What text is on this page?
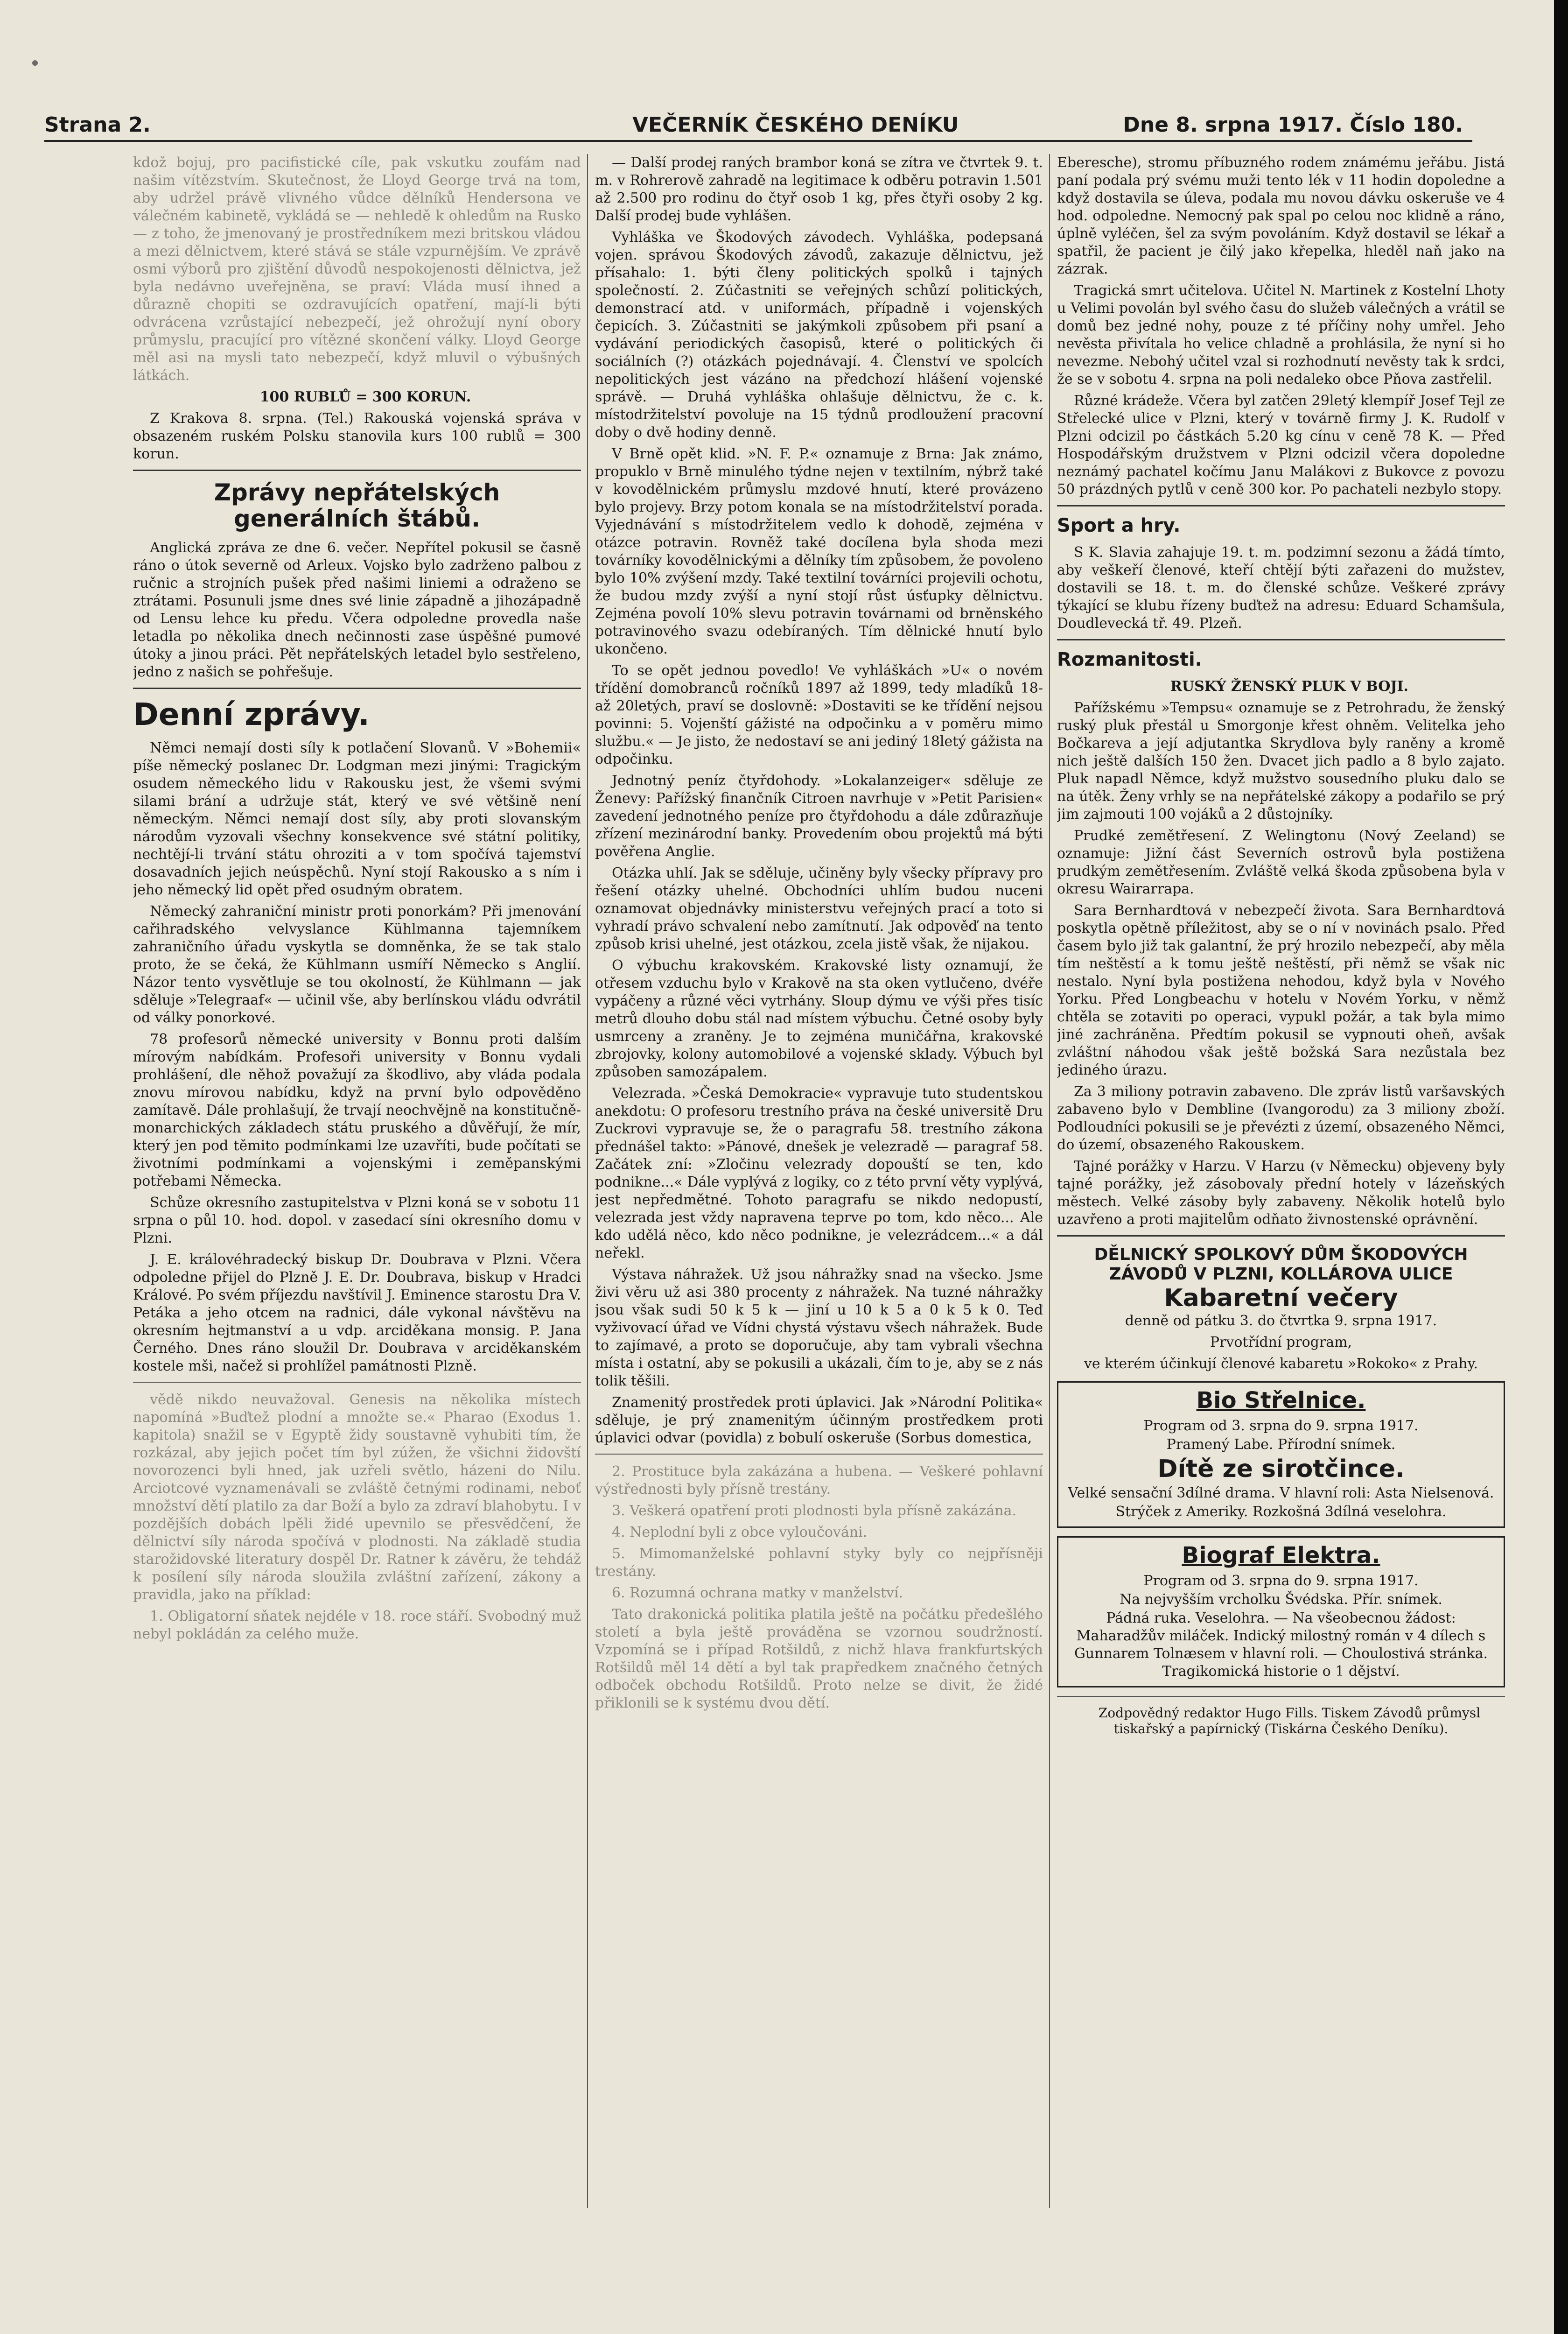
Strana 2.	VEČERNÍK ČESKÉHO DENÍKU	Dne 8. srpna 1917. Číslo 180.

kdož bojuj, pro pacifistické cíle, pak vskutku zoufám nad našim vítězstvím. Skutečnost, že Lloyd George trvá na tom, aby udržel právě vlivného vůdce dělníků Hendersona ve válečném kabinetě, vykládá se — nehledě k ohledům na Rusko — z toho, že jmenovaný je prostředníkem mezi britskou vládou a mezi dělnictvem, které stává se stále vzpurnějším. Ve zprávě osmi výborů pro zjištění důvodů nespokojenosti dělnictva, jež byla nedávno uveřejněna, se praví: Vláda musí ihned a důrazně chopiti se ozdravujících opatření, mají-li býti odvrácena vzrůstající nebezpečí, jež ohrožují nyní obory průmyslu, pracující pro vítězné skončení války. Lloyd George měl asi na mysli tato nebezpečí, když mluvil o výbušných látkách.

100 RUBLŮ = 300 KORUN.

Z Krakova 8. srpna. (Tel.) Rakouská vojenská správa v obsazeném ruském Polsku stanovila kurs 100 rublů = 300 korun.

Zprávy nepřátelských generálních štábů.

Anglická zpráva ze dne 6. večer. Nepřítel pokusil se časně ráno o útok severně od Arleux. Vojsko bylo zadrženo palbou z ručnic a strojních pušek před našimi liniemi a odraženo se ztrátami. Posunuli jsme dnes své linie západně a jihozápadně od Lensu lehce ku předu. Včera odpoledne provedla naše letadla po několika dnech nečinnosti zase úspěšné pumové útoky a jinou práci. Pět nepřátelských letadel bylo sestřeleno, jedno z našich se pohřešuje.

Denní zprávy.

Němci nemají dosti síly k potlačení Slovanů. V »Bohemii« píše německý poslanec Dr. Lodgman mezi jinými: Tragickým osudem německého lidu v Rakousku jest, že všemi svými silami brání a udržuje stát, který ve své většině není německým. Němci nemají dost síly, aby proti slovanským národům vyzovali všechny konsekvence své státní politiky, nechtějí-li trvání státu ohroziti a v tom spočívá tajemství dosavadních jejich neúspěchů. Nyní stojí Rakousko a s ním i jeho německý lid opět před osudným obratem.

Německý zahraniční ministr proti ponorkám? Při jmenování cařihradského velvyslance Kühlmanna tajemníkem zahraničního úřadu vyskytla se domněnka, že se tak stalo proto, že se čeká, že Kühlmann usmíří Německo s Anglií. Názor tento vysvětluje se tou okolností, že Kühlmann — jak sděluje »Telegraaf« — učinil vše, aby berlínskou vládu odvrátil od války ponorkové.

78 profesorů německé university v Bonnu proti dalším mírovým nabídkám. Profesoři university v Bonnu vydali prohlášení, dle něhož považují za škodlivo, aby vláda podala znovu mírovou nabídku, když na první bylo odpověděno zamítavě. Dále prohlašují, že trvají neochvějně na konstitučně-monarchických základech státu pruského a důvěřují, že mír, který jen pod těmito podmínkami lze uzavříti, bude počítati se životními podmínkami a vojenskými i zeměpanskými potřebami Německa.

Schůze okresního zastupitelstva v Plzni koná se v sobotu 11 srpna o půl 10. hod. dopol. v zasedací síni okresního domu v Plzni.

J. E. královéhradecký biskup Dr. Doubrava v Plzni. Včera odpoledne přijel do Plzně J. E. Dr. Doubrava, biskup v Hradci Králové. Po svém příjezdu navštívil J. Eminence starostu Dra V. Petáka a jeho otcem na radnici, dále vykonal návštěvu na okresním hejtmanství a u vdp. arciděkana monsig. P. Jana Černého. Dnes ráno sloužil Dr. Doubrava v arciděkanském kostele mši, načež si prohlížel památnosti Plzně.

vědě nikdo neuvažoval. Genesis na několika místech napomíná »Buďtež plodní a množte se.« Pharao (Exodus 1. kapitola) snažil se v Egyptě židy soustavně vyhubiti tím, že rozkázal, aby jejich počet tím byl zúžen, že všichni židovští novorozenci byli hned, jak uzřeli světlo, házeni do Nilu. Arciotcové vyznamenávali se zvláště četnými rodinami, neboť množství dětí platilo za dar Boží a bylo za zdraví blahobytu. I v pozdějších dobách lpěli židé upevnilo se přesvědčení, že dělnictví síly národa spočívá v plodnosti. Na základě studia starožidovské literatury dospěl Dr. Ratner k závěru, že tehdáž k posílení síly národa sloužila zvláštní zařízení, zákony a pravidla, jako na příklad:

1. Obligatorní sňatek nejdéle v 18. roce stáří. Svobodný muž nebyl pokládán za celého muže.

— Další prodej raných brambor koná se zítra ve čtvrtek 9. t. m. v Rohrerově zahradě na legitimace k odběru potravin 1.501 až 2.500 pro rodinu do čtyř osob 1 kg, přes čtyři osoby 2 kg. Další prodej bude vyhlášen.

Vyhláška ve Škodových závodech. Vyhláška, podepsaná vojen. správou Škodových závodů, zakazuje dělnictvu, jež přísahalo: 1. býti členy politických spolků i tajných společností. 2. Zúčastniti se veřejných schůzí politických, demonstrací atd. v uniformách, případně i vojenských čepicích. 3. Zúčastniti se jakýmkoli způsobem při psaní a vydávání periodických časopisů, které o politických či sociálních (?) otázkách pojednávají. 4. Členství ve spolcích nepolitických jest vázáno na předchozí hlášení vojenské správě. — Druhá vyhláška ohlašuje dělnictvu, že c. k. místodržitelství povoluje na 15 týdnů prodloužení pracovní doby o dvě hodiny denně.

V Brně opět klid. »N. F. P.« oznamuje z Brna: Jak známo, propuklo v Brně minulého týdne nejen v textilním, nýbrž také v kovodělnickém průmyslu mzdové hnutí, které provázeno bylo projevy. Brzy potom konala se na místodržitelství porada. Vyjednávání s místodržitelem vedlo k dohodě, zejména v otázce potravin. Rovněž také docílena byla shoda mezi továrníky kovodělnickými a dělníky tím způsobem, že povoleno bylo 10% zvýšení mzdy. Také textilní továrníci projevili ochotu, že budou mzdy zvýší a nyní stojí růst úsťupky dělnictvu. Zejména povolí 10% slevu potravin továrnami od brněnského potravinového svazu odebíraných. Tím dělnické hnutí bylo ukončeno.

To se opět jednou povedlo! Ve vyhláškách »U« o novém třídění domobranců ročníků 1897 až 1899, tedy mladíků 18- až 20letých, praví se doslovně: »Dostaviti se ke třídění nejsou povinni: 5. Vojenští gážisté na odpočinku a v poměru mimo službu.« — Je jisto, že nedostaví se ani jediný 18letý gážista na odpočinku.

Jednotný peníz čtyřdohody. »Lokalanzeiger« sděluje ze Ženevy: Pařížský finančník Citroen navrhuje v »Petit Parisien« zavedení jednotného peníze pro čtyřdohodu a dále zdůrazňuje zřízení mezinárodní banky. Provedením obou projektů má býti pověřena Anglie.

Otázka uhlí. Jak se sděluje, učiněny byly všecky přípravy pro řešení otázky uhelné. Obchodníci uhlím budou nuceni oznamovat objednávky ministerstvu veřejných prací a toto si vyhradí právo schvalení nebo zamítnutí. Jak odpověď na tento způsob krisi uhelné, jest otázkou, zcela jistě však, že nijakou.

O výbuchu krakovském. Krakovské listy oznamují, že otřesem vzduchu bylo v Krakově na sta oken vytlučeno, dvéře vypáčeny a různé věci vytrhány. Sloup dýmu ve výši přes tisíc metrů dlouho dobu stál nad místem výbuchu. Četné osoby byly usmrceny a zraněny. Je to zejména muničářna, krakovské zbrojovky, kolony automobilové a vojenské sklady. Výbuch byl způsoben samozápalem.

Velezrada. »Česká Demokracie« vypravuje tuto studentskou anekdotu: O profesoru trestního práva na české universitě Dru Zuckrovi vypravuje se, že o paragrafu 58. trestního zákona přednášel takto: »Pánové, dnešek je velezradě — paragraf 58. Začátek zní: »Zločinu velezrady dopouští se ten, kdo podnikne...« Dále vyplývá z logiky, co z této první věty vyplývá, jest nepředmětné. Tohoto paragrafu se nikdo nedopustí, velezrada jest vždy napravena teprve po tom, kdo něco... Ale kdo udělá něco, kdo něco podnikne, je velezrádcem...« a dál neřekl.

Výstava náhražek. Už jsou náhražky snad na všecko. Jsme živi věru už asi 380 procenty z náhražek. Na tuzné náhražky jsou však sudi 50 k 5 k — jiní u 10 k 5 a 0 k 5 k 0. Teď vyživovací úřad ve Vídni chystá výstavu všech náhražek. Bude to zajímavé, a proto se doporučuje, aby tam vybrali všechna místa i ostatní, aby se pokusili a ukázali, čím to je, aby se z nás tolik těšili.

Znamenitý prostředek proti úplavici. Jak »Národní Politika« sděluje, je prý znamenitým účinným prostředkem proti úplavici odvar (povidla) z bobulí oskeruše (Sorbus domestica,

2. Prostituce byla zakázána a hubena. — Veškeré pohlavní výstřednosti byly přísně trestány.

3. Veškerá opatření proti plodnosti byla přísně zakázána.

4. Neplodní byli z obce vyloučováni.

5. Mimomanželské pohlavní styky byly co nejpřísněji trestány.

6. Rozumná ochrana matky v manželství.

Tato drakonická politika platila ještě na počátku předešlého století a byla ještě prováděna se vzornou soudržností. Vzpomíná se i případ Rotšildů, z nichž hlava frankfurtských Rotšildů měl 14 dětí a byl tak prapředkem značného četných odboček obchodu Rotšildů. Proto nelze se divit, že židé přiklonili se k systému dvou dětí.

Eberesche), stromu příbuzného rodem známému jeřábu. Jistá paní podala prý svému muži tento lék v 11 hodin dopoledne a když dostavila se úleva, podala mu novou dávku oskeruše ve 4 hod. odpoledne. Nemocný pak spal po celou noc klidně a ráno, úplně vyléčen, šel za svým povoláním. Když dostavil se lékař a spatřil, že pacient je čilý jako křepelka, hleděl naň jako na zázrak.

Tragická smrt učitelova. Učitel N. Martinek z Kostelní Lhoty u Velimi povolán byl svého času do služeb válečných a vrátil se domů bez jedné nohy, pouze z té příčiny nohy umřel. Jeho nevěsta přivítala ho velice chladně a prohlásila, že nyní si ho nevezme. Nebohý učitel vzal si rozhodnutí nevěsty tak k srdci, že se v sobotu 4. srpna na poli nedaleko obce Pňova zastřelil.

Různé krádeže. Včera byl zatčen 29letý klempíř Josef Tejl ze Střelecké ulice v Plzni, který v továrně firmy J. K. Rudolf v Plzni odcizil po částkách 5.20 kg cínu v ceně 78 K. — Před Hospodářským družstvem v Plzni odcizil včera dopoledne neznámý pachatel kočímu Janu Malákovi z Bukovce z povozu 50 prázdných pytlů v ceně 300 kor. Po pachateli nezbylo stopy.

Sport a hry.

S K. Slavia zahajuje 19. t. m. podzimní sezonu a žádá tímto, aby veškeří členové, kteří chtějí býti zařazeni do mužstev, dostavili se 18. t. m. do členské schůze. Veškeré zprávy týkající se klubu řízeny buďtež na adresu: Eduard Schamšula, Doudlevecká tř. 49. Plzeň.

Rozmanitosti.

RUSKÝ ŽENSKÝ PLUK V BOJI.

Pařížskému »Tempsu« oznamuje se z Petrohradu, že ženský ruský pluk přestál u Smorgonje křest ohněm. Velitelka jeho Bočkareva a její adjutantka Skrydlova byly raněny a kromě nich ještě dalších 150 žen. Dvacet jich padlo a 8 bylo zajato. Pluk napadl Němce, když mužstvo sousedního pluku dalo se na útěk. Ženy vrhly se na nepřátelské zákopy a podařilo se prý jim zajmouti 100 vojáků a 2 důstojníky.

Prudké zemětřesení. Z Welingtonu (Nový Zeeland) se oznamuje: Jižní část Severních ostrovů byla postižena prudkým zemětřesením. Zvláště velká škoda způsobena byla v okresu Wairarrapa.

Sara Bernhardtová v nebezpečí života. Sara Bernhardtová poskytla opětně příležitost, aby se o ní v novinách psalo. Před časem bylo již tak galantní, že prý hrozilo nebezpečí, aby měla tím neštěstí a k tomu ještě neštěstí, při němž se však nic nestalo. Nyní byla postižena nehodou, když byla v Nového Yorku. Před Longbeachu v hotelu v Novém Yorku, v němž chtěla se zotaviti po operaci, vypukl požár, a tak byla mimo jiné zachráněna. Předtím pokusil se vypnouti oheň, avšak zvláštní náhodou však ještě božská Sara nezůstala bez jediného úrazu.

Za 3 miliony potravin zabaveno. Dle zpráv listů varšavských zabaveno bylo v Dembline (Ivangorodu) za 3 miliony zboží. Podloudníci pokusili se je převézti z území, obsazeného Němci, do území, obsazeného Rakouskem.

Tajné porážky v Harzu. V Harzu (v Německu) objeveny byly tajné porážky, jež zásobovaly přední hotely v lázeňských městech. Velké zásoby byly zabaveny. Několik hotelů bylo uzavřeno a proti majitelům odňato živnostenské oprávnění.

DĚLNICKÝ SPOLKOVÝ DŮM ŠKODOVÝCH ZÁVODŮ V PLZNI, KOLLÁROVA ULICE
Kabaretní večery

denně od pátku 3. do čtvrtka 9. srpna 1917.

Prvotřídní program,

ve kterém účinkují členové kabaretu »Rokoko« z Prahy.

Bio Střelnice.

Program od 3. srpna do 9. srpna 1917.

Pramený Labe. Přírodní snímek.

Dítě ze sirotčince.

Velké sensační 3dílné drama. V hlavní roli: Asta Nielsenová.

Strýček z Ameriky. Rozkošná 3dílná veselohra.

Biograf Elektra.

Program od 3. srpna do 9. srpna 1917.

Na nejvyšším vrcholku Švédska. Přír. snímek.

Pádná ruka. Veselohra. — Na všeobecnou žádost: Maharadžův miláček. Indický milostný román v 4 dílech s Gunnarem Tolnæsem v hlavní roli. — Choulostivá stránka. Tragikomická historie o 1 dějství.

Zodpovědný redaktor Hugo Fills. Tiskem Závodů průmysl tiskařský a papírnický (Tiskárna Českého Deníku).
